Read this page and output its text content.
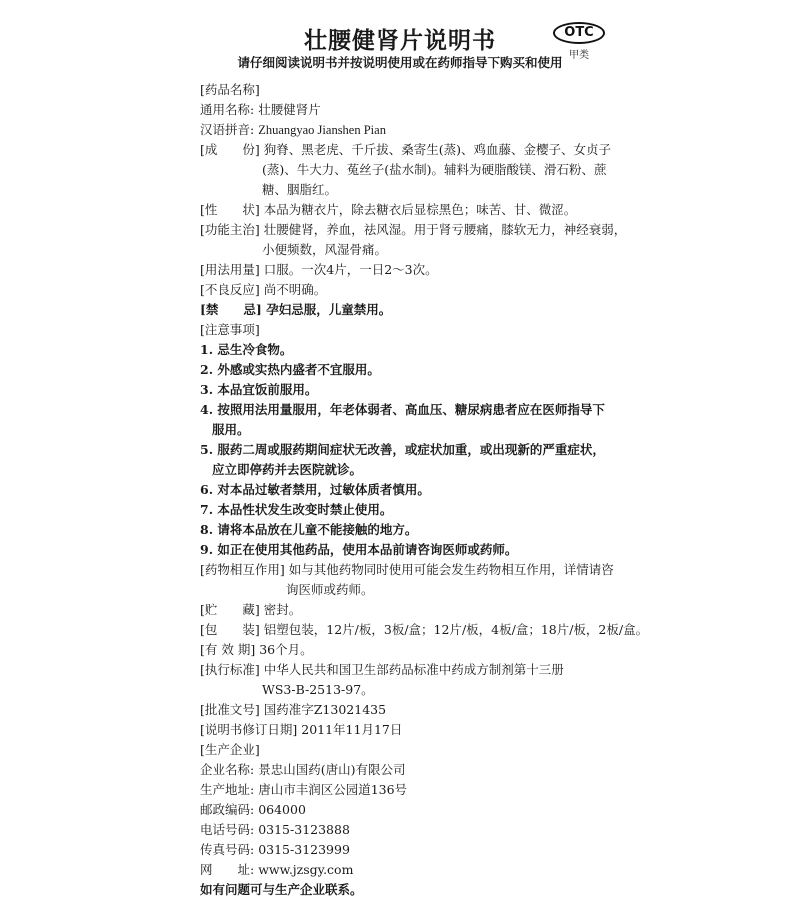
壮腰健肾片说明书
请仔细阅读说明书并按说明使用或在药师指导下购买和使用
OTC
甲类
[药品名称]
通用名称: 壮腰健肾片
汉语拼音: Zhuangyao Jianshen Pian
[成　　份] 狗脊、黑老虎、千斤拔、桑寄生(蒸)、鸡血藤、金樱子、女贞子
(蒸)、牛大力、菟丝子(盐水制)。辅料为硬脂酸镁、滑石粉、蔗
糖、胭脂红。
[性　　状] 本品为糖衣片，除去糖衣后显棕黑色；味苦、甘、微涩。
[功能主治] 壮腰健肾，养血，祛风湿。用于肾亏腰痛，膝软无力，神经衰弱，
小便频数，风湿骨痛。
[用法用量] 口服。一次4片，一日2～3次。
[不良反应] 尚不明确。
[禁　　忌] 孕妇忌服，儿童禁用。
[注意事项]
1. 忌生冷食物。
2. 外感或实热内盛者不宜服用。
3. 本品宜饭前服用。
4. 按照用法用量服用，年老体弱者、高血压、糖尿病患者应在医师指导下
服用。
5. 服药二周或服药期间症状无改善，或症状加重，或出现新的严重症状，
应立即停药并去医院就诊。
6. 对本品过敏者禁用，过敏体质者慎用。
7. 本品性状发生改变时禁止使用。
8. 请将本品放在儿童不能接触的地方。
9. 如正在使用其他药品，使用本品前请咨询医师或药师。
[药物相互作用] 如与其他药物同时使用可能会发生药物相互作用，详情请咨
询医师或药师。
[贮　　藏] 密封。
[包　　装] 铝塑包装，12片/板，3板/盒；12片/板，4板/盒；18片/板，2板/盒。
[有 效 期] 36个月。
[执行标准] 中华人民共和国卫生部药品标准中药成方制剂第十三册
WS3-B-2513-97。
[批准文号] 国药准字Z13021435
[说明书修订日期] 2011年11月17日
[生产企业]
企业名称: 景忠山国药(唐山)有限公司
生产地址: 唐山市丰润区公园道136号
邮政编码: 064000
电话号码: 0315-3123888
传真号码: 0315-3123999
网　　址: www.jzsgy.com
如有问题可与生产企业联系。
